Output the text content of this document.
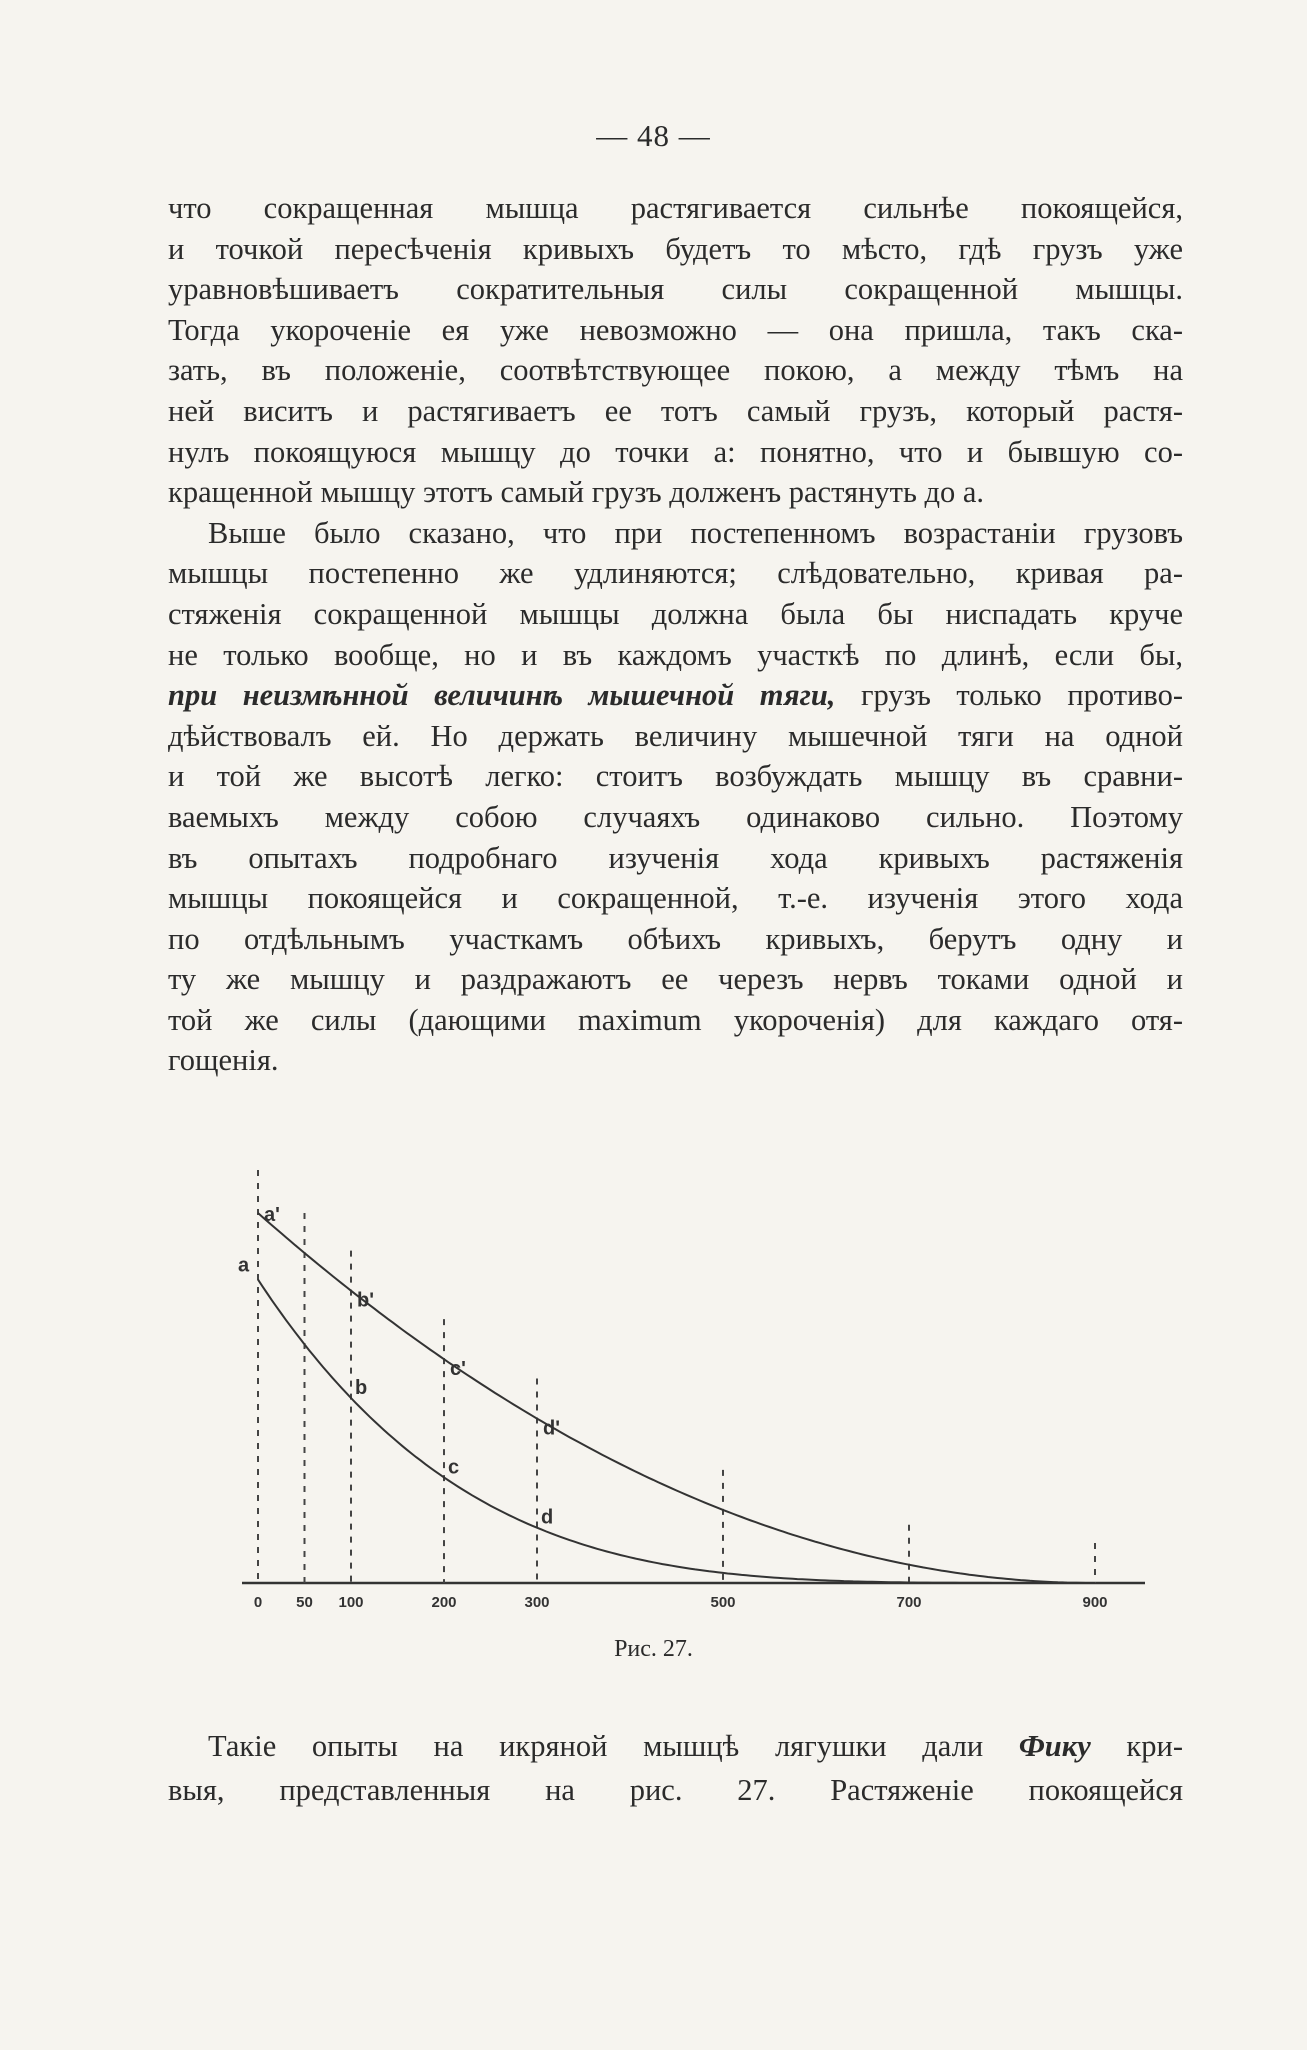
— 48 —
что сокращенная мышца растягивается сильнѣе покоящейся,
и точкой пересѣченія кривыхъ будетъ то мѣсто, гдѣ грузъ уже
уравновѣшиваетъ сократительныя силы сокращенной мышцы.
Тогда укороченіе ея уже невозможно — она пришла, такъ ска-
зать, въ положеніе, соотвѣтствующее покою, а между тѣмъ на
ней виситъ и растягиваетъ ее тотъ самый грузъ, который растя-
нулъ покоящуюся мышцу до точки a: понятно, что и бывшую со-
кращенной мышцу этотъ самый грузъ долженъ растянуть до a.
Выше было сказано, что при постепенномъ возрастаніи грузовъ
мышцы постепенно же удлиняются; слѣдовательно, кривая ра-
стяженія сокращенной мышцы должна была бы ниспадать круче
не только вообще, но и въ каждомъ участкѣ по длинѣ, если бы,
при неизмѣнной величинѣ мышечной тяги, грузъ только противо-
дѣйствовалъ ей. Но держать величину мышечной тяги на одной
и той же высотѣ легко: стоитъ возбуждать мышцу въ сравни-
ваемыхъ между собою случаяхъ одинаково сильно. Поэтому
въ опытахъ подробнаго изученія хода кривыхъ растяженія
мышцы покоящейся и сокращенной, т.-е. изученія этого хода
по отдѣльнымъ участкамъ обѣихъ кривыхъ, берутъ одну и
ту же мышцу и раздражаютъ ее черезъ нервъ токами одной и
той же силы (дающими maximum укороченія) для каждаго отя-
гощенія.
0 50 100	200	300	500	700	900
a'
a
b'
b
c'
c
d'
d
Рис. 27.
Такіе опыты на икряной мышцѣ лягушки дали Фику кри-
выя, представленныя на рис. 27. Растяженіе покоящейся
